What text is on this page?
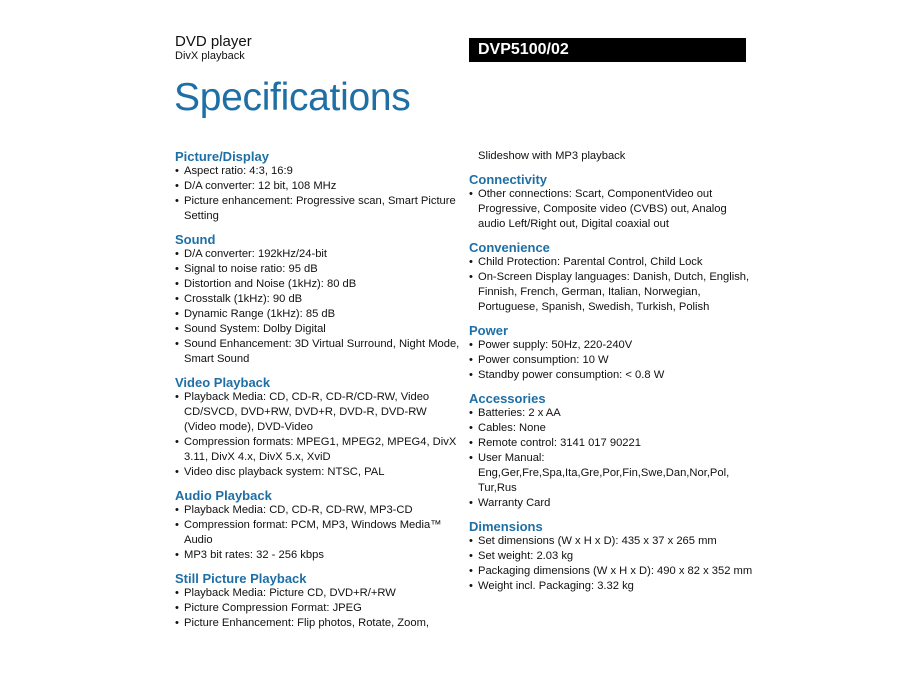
DVD player
DivX playback	DVP5100/02
Specifications
Picture/Display
• Aspect ratio: 4:3, 16:9
• D/A converter: 12 bit, 108 MHz
• Picture enhancement: Progressive scan, Smart Picture Setting
Sound
• D/A converter: 192kHz/24-bit
• Signal to noise ratio: 95 dB
• Distortion and Noise (1kHz): 80 dB
• Crosstalk (1kHz): 90 dB
• Dynamic Range (1kHz): 85 dB
• Sound System: Dolby Digital
• Sound Enhancement: 3D Virtual Surround, Night Mode, Smart Sound
Video Playback
• Playback Media: CD, CD-R, CD-R/CD-RW, Video CD/SVCD, DVD+RW, DVD+R, DVD-R, DVD-RW (Video mode), DVD-Video
• Compression formats: MPEG1, MPEG2, MPEG4, DivX 3.11, DivX 4.x, DivX 5.x, XviD
• Video disc playback system: NTSC, PAL
Audio Playback
• Playback Media: CD, CD-R, CD-RW, MP3-CD
• Compression format: PCM, MP3, Windows Media™ Audio
• MP3 bit rates: 32 - 256 kbps
Still Picture Playback
• Playback Media: Picture CD, DVD+R/+RW
• Picture Compression Format: JPEG
• Picture Enhancement: Flip photos, Rotate, Zoom,
Slideshow with MP3 playback
Connectivity
• Other connections: Scart, ComponentVideo out Progressive, Composite video (CVBS) out, Analog audio Left/Right out, Digital coaxial out
Convenience
• Child Protection: Parental Control, Child Lock
• On-Screen Display languages: Danish, Dutch, English, Finnish, French, German, Italian, Norwegian, Portuguese, Spanish, Swedish, Turkish, Polish
Power
• Power supply: 50Hz, 220-240V
• Power consumption: 10 W
• Standby power consumption: < 0.8 W
Accessories
• Batteries: 2 x AA
• Cables: None
• Remote control: 3141 017 90221
• User Manual: Eng,Ger,Fre,Spa,Ita,Gre,Por,Fin,Swe,Dan,Nor,Pol, Tur,Rus
• Warranty Card
Dimensions
• Set dimensions (W x H x D): 435 x 37 x 265 mm
• Set weight: 2.03 kg
• Packaging dimensions (W x H x D): 490 x 82 x 352 mm
• Weight incl. Packaging: 3.32 kg
